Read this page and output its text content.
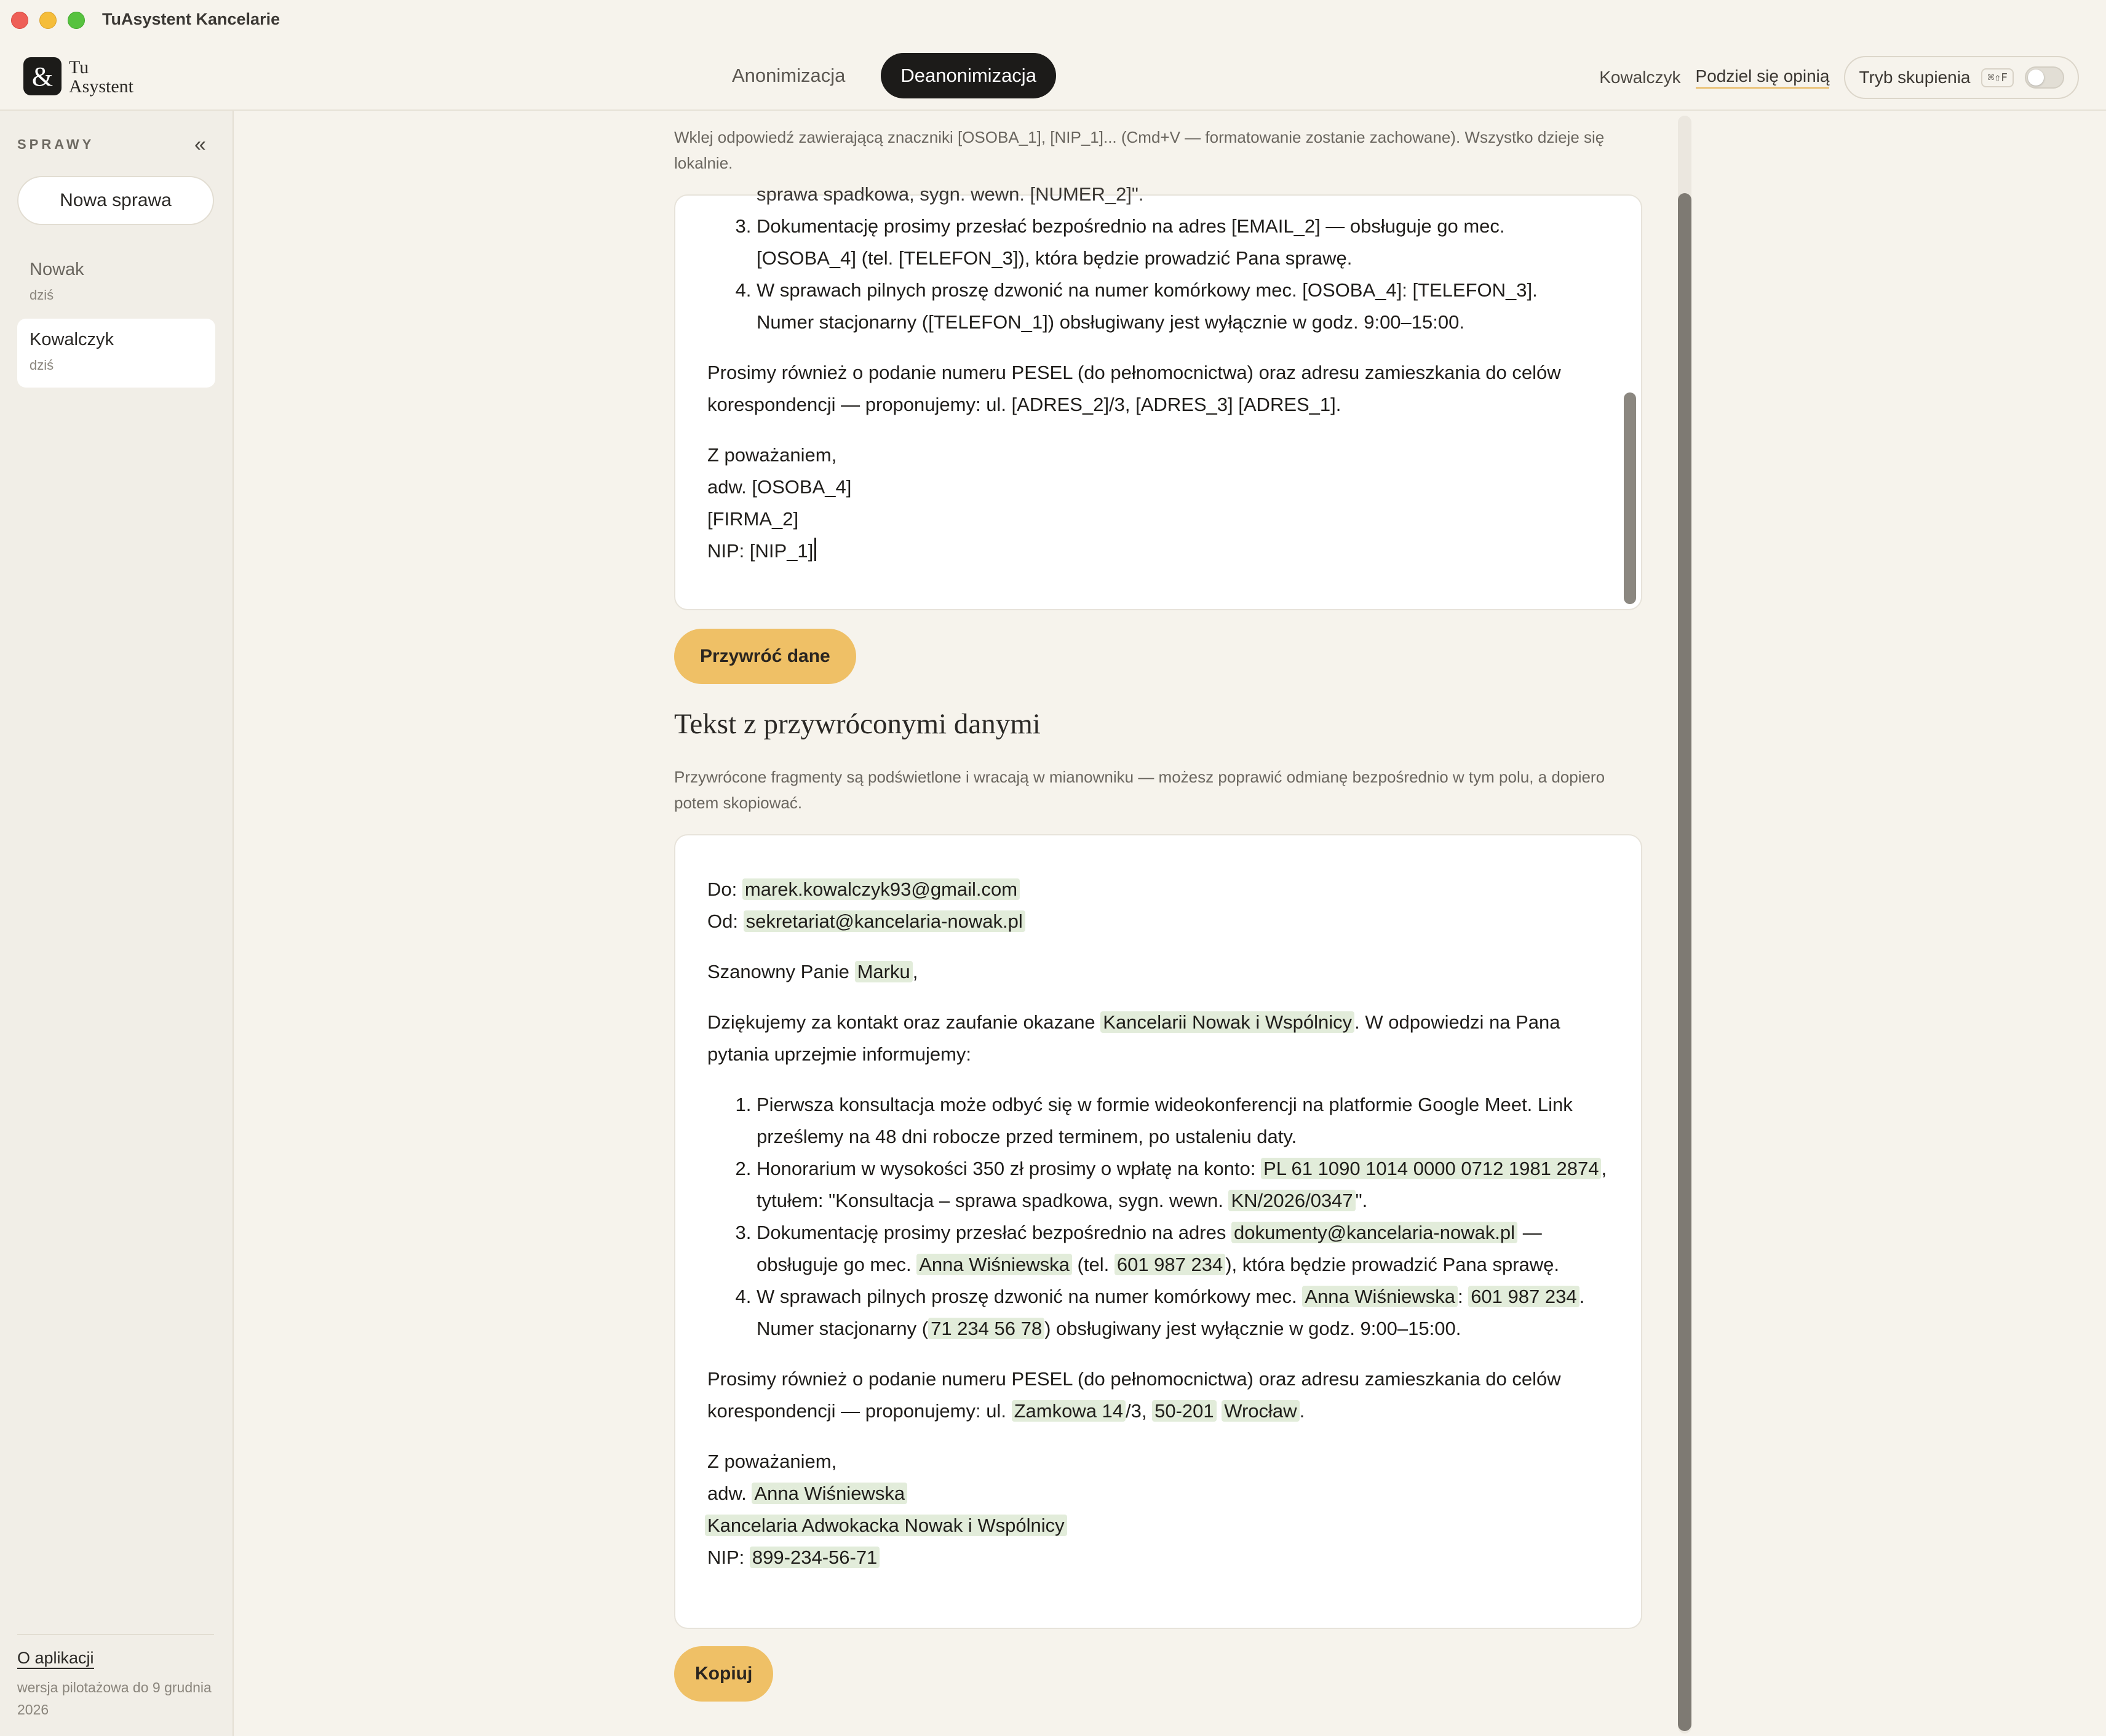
TuAsystent Kancelarie
& Tu
Asystent
Anonimizacja	Deanonimizacja	Kowalczyk Podziel się opinią Tryb skupienia	⌘⇧F
SPRAWY	«
Nowa sprawa
Nowak
dziś
Kowalczyk
dziś
O aplikacji
wersja pilotażowa do 9 grudnia 2026
Wklej odpowiedź zawierającą znaczniki [OSOBA_1], [NIP_1]... (Cmd+V — formatowanie zostanie zachowane). Wszystko dzieje się lokalnie.

sprawa spadkowa, sygn. wewn. [NUMER_2]".

3. Dokumentację prosimy przesłać bezpośrednio na adres [EMAIL_2] — obsługuje go mec. [OSOBA_4] (tel. [TELEFON_3]), która będzie prowadzić Pana sprawę.
4. W sprawach pilnych proszę dzwonić na numer komórkowy mec. [OSOBA_4]: [TELEFON_3]. Numer stacjonarny ([TELEFON_1]) obsługiwany jest wyłącznie w godz. 9:00–15:00.

Prosimy również o podanie numeru PESEL (do pełnomocnictwa) oraz adresu zamieszkania do celów korespondencji — proponujemy: ul. [ADRES_2]/3, [ADRES_3] [ADRES_1].

Z poważaniem,

adw. [OSOBA_4]

[FIRMA_2]

NIP: [NIP_1]

Przywróć dane
Tekst z przywróconymi danymi
Przywrócone fragmenty są podświetlone i wracają w mianowniku — możesz poprawić odmianę bezpośrednio w tym polu, a dopiero potem skopiować.

Do: marek.kowalczyk93@gmail.com

Od: sekretariat@kancelaria-nowak.pl

Szanowny Panie Marku ,

Dziękujemy za kontakt oraz zaufanie okazane Kancelarii Nowak i Wspólnicy . W odpowiedzi na Pana pytania uprzejmie informujemy:

1. Pierwsza konsultacja może odbyć się w formie wideokonferencji na platformie Google Meet. Link prześlemy na 48 dni robocze przed terminem, po ustaleniu daty.
2. Honorarium w wysokości 350 zł prosimy o wpłatę na konto: PL 61 1090 1014 0000 0712 1981 2874 , tytułem: "Konsultacja – sprawa spadkowa, sygn. wewn. KN/2026/0347 ".
3. Dokumentację prosimy przesłać bezpośrednio na adres dokumenty@kancelaria-nowak.pl — obsługuje go mec. Anna Wiśniewska (tel. 601 987 234 ), która będzie prowadzić Pana sprawę.
4. W sprawach pilnych proszę dzwonić na numer komórkowy mec. Anna Wiśniewska : 601 987 234 . Numer stacjonarny ( 71 234 56 78 ) obsługiwany jest wyłącznie w godz. 9:00–15:00.

Prosimy również o podanie numeru PESEL (do pełnomocnictwa) oraz adresu zamieszkania do celów korespondencji — proponujemy: ul. Zamkowa 14 /3, 50-201 Wrocław .

Z poważaniem,

adw. Anna Wiśniewska

Kancelaria Adwokacka Nowak i Wspólnicy

NIP: 899-234-56-71

Kopiuj
